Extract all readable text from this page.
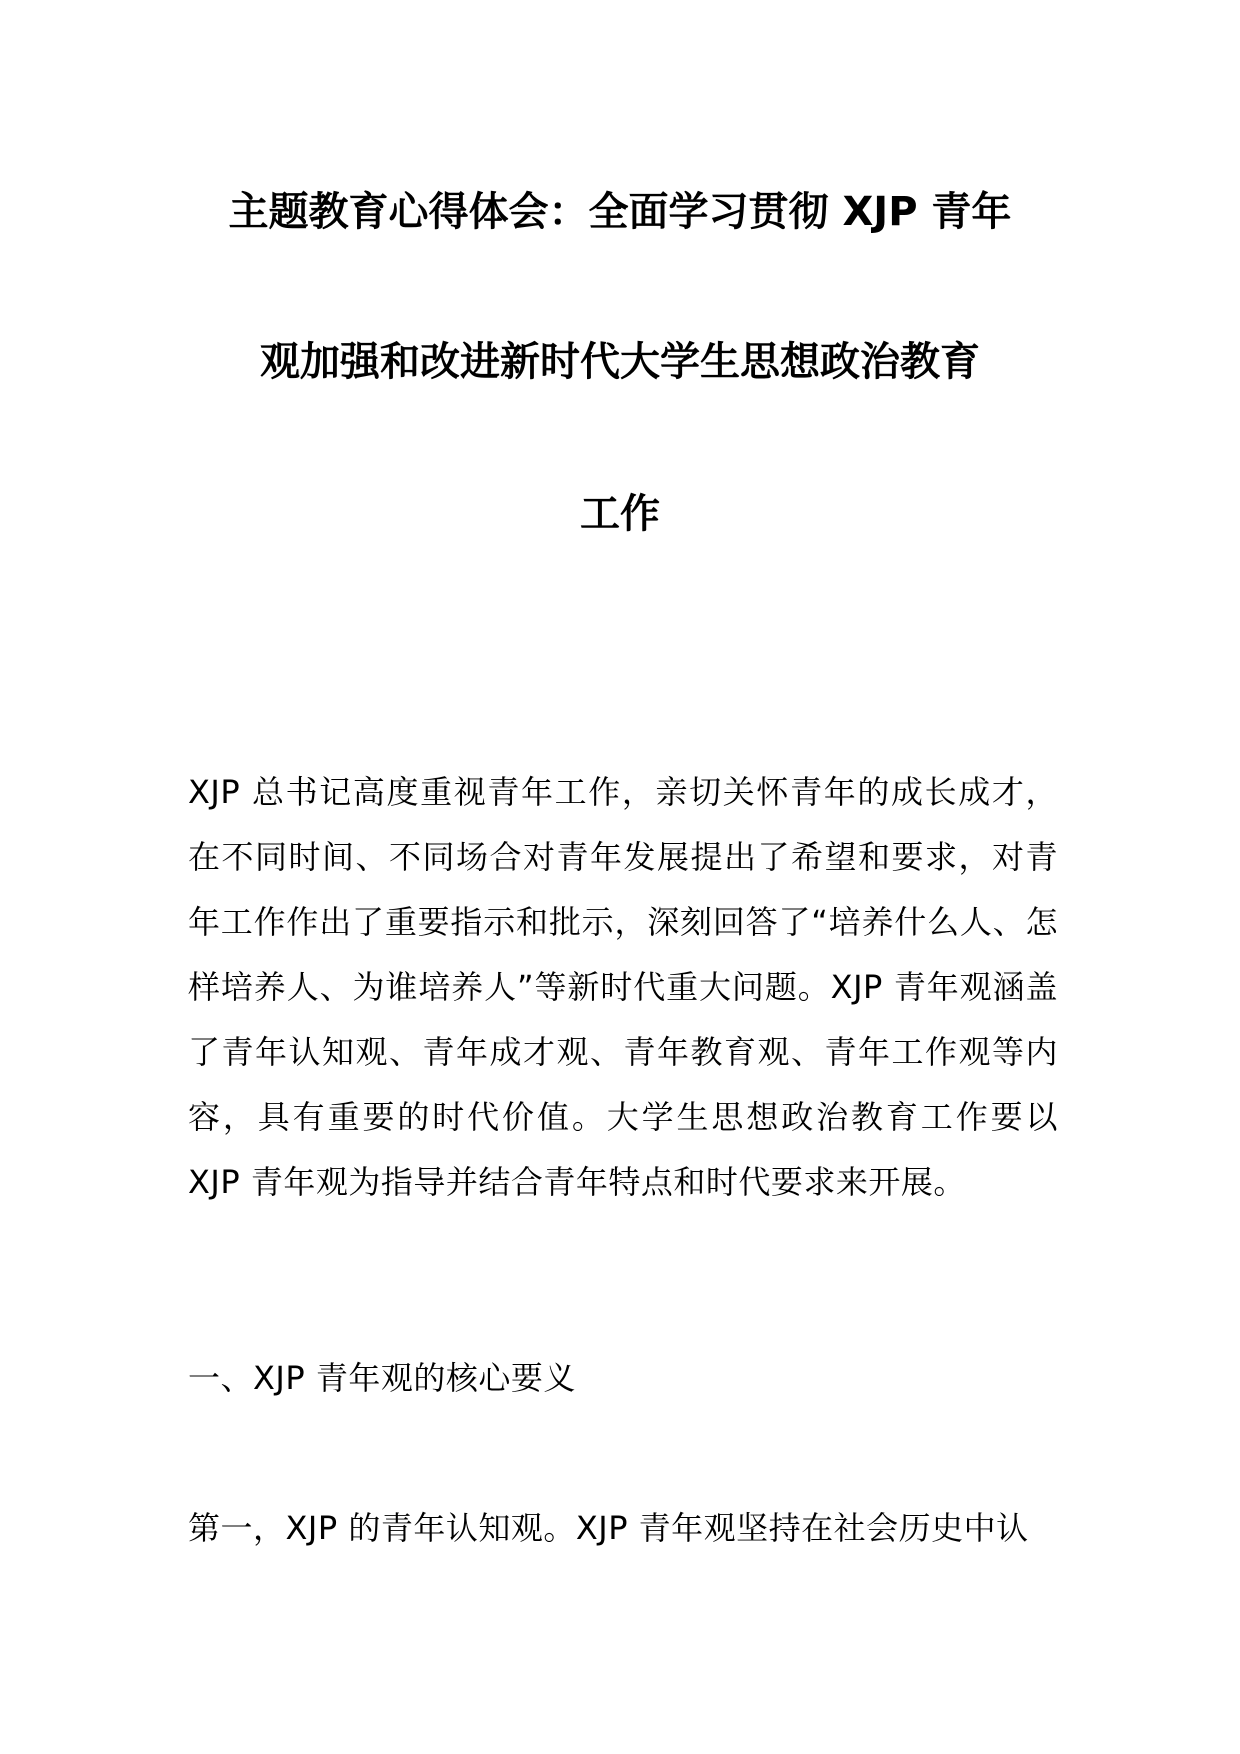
主题教育心得体会：全面学习贯彻 XJP 青年
观加强和改进新时代大学生思想政治教育
工作

XJP 总书记高度重视青年工作，亲切关怀青年的成长成才，在不同时间、不同场合对青年发展提出了希望和要求，对青年工作作出了重要指示和批示，深刻回答了“培养什么人、怎样培养人、为谁培养人”等新时代重大问题。XJP 青年观涵盖了青年认知观、青年成才观、青年教育观、青年工作观等内容，具有重要的时代价值。大学生思想政治教育工作要以 XJP 青年观为指导并结合青年特点和时代要求来开展。

一、XJP 青年观的核心要义

第一，XJP 的青年认知观。XJP 青年观坚持在社会历史中认
